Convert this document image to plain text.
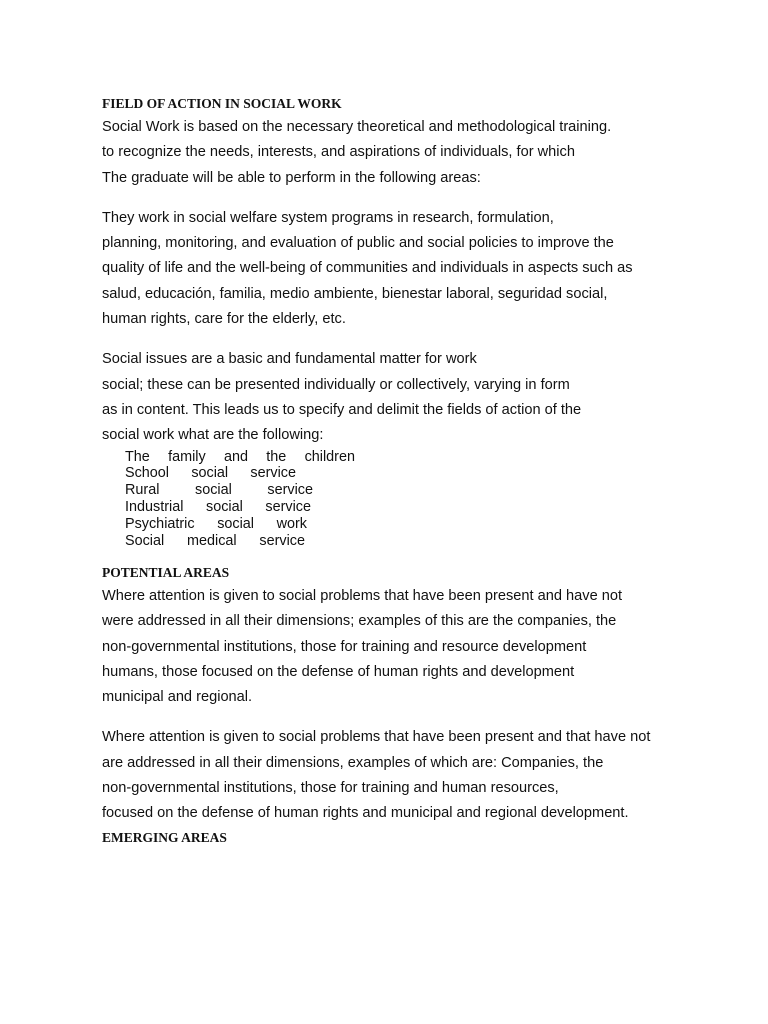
FIELD OF ACTION IN SOCIAL WORK
Social Work is based on the necessary theoretical and methodological training.
to recognize the needs, interests, and aspirations of individuals, for which
The graduate will be able to perform in the following areas:
They work in social welfare system programs in research, formulation,
planning, monitoring, and evaluation of public and social policies to improve the
quality of life and the well-being of communities and individuals in aspects such as
salud, educación, familia, medio ambiente, bienestar laboral, seguridad social,
human rights, care for the elderly, etc.
Social issues are a basic and fundamental matter for work
social; these can be presented individually or collectively, varying in form
as in content. This leads us to specify and delimit the fields of action of the
social work what are the following:
The family and the children
School social service
Rural social service
Industrial social service
Psychiatric social work
Social medical service
POTENTIAL AREAS
Where attention is given to social problems that have been present and have not
were addressed in all their dimensions; examples of this are the companies, the
non-governmental institutions, those for training and resource development
humans, those focused on the defense of human rights and development
municipal and regional.
Where attention is given to social problems that have been present and that have not
are addressed in all their dimensions, examples of which are: Companies, the
non-governmental institutions, those for training and human resources,
focused on the defense of human rights and municipal and regional development.
EMERGING AREAS
